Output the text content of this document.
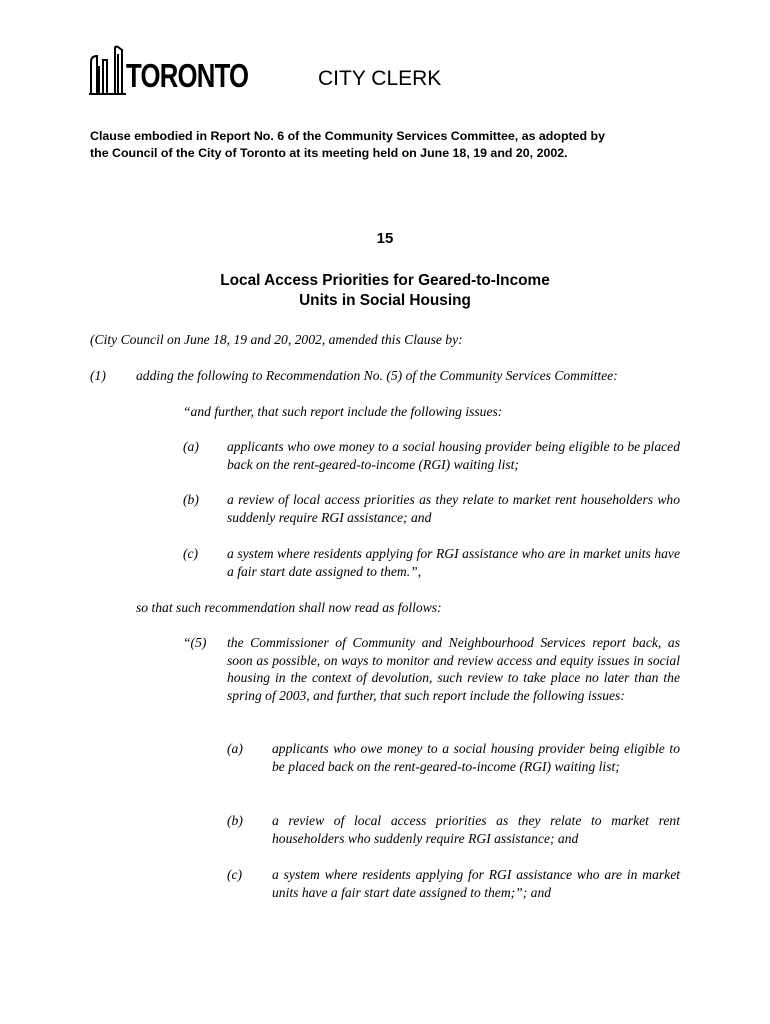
TORONTO	CITY CLERK
Clause embodied in Report No. 6 of the Community Services Committee, as adopted by
the Council of the City of Toronto at its meeting held on June 18, 19 and 20, 2002.
15
Local Access Priorities for Geared-to-Income
Units in Social Housing
(City Council on June 18, 19 and 20, 2002, amended this Clause by:
(1) adding the following to Recommendation No. (5) of the Community Services Committee:
“and further, that such report include the following issues:
(a) applicants who owe money to a social housing provider being eligible to be placed back on the rent-geared-to-income (RGI) waiting list;
(b) a review of local access priorities as they relate to market rent householders who suddenly require RGI assistance; and
(c) a system where residents applying for RGI assistance who are in market units have a fair start date assigned to them.”,
so that such recommendation shall now read as follows:
“(5) the Commissioner of Community and Neighbourhood Services report back, as soon as possible, on ways to monitor and review access and equity issues in social housing in the context of devolution, such review to take place no later than the spring of 2003, and further, that such report include the following issues:
(a) applicants who owe money to a social housing provider being eligible to be placed back on the rent-geared-to-income (RGI) waiting list;
(b) a review of local access priorities as they relate to market rent householders who suddenly require RGI assistance; and
(c) a system where residents applying for RGI assistance who are in market units have a fair start date assigned to them;”; and
